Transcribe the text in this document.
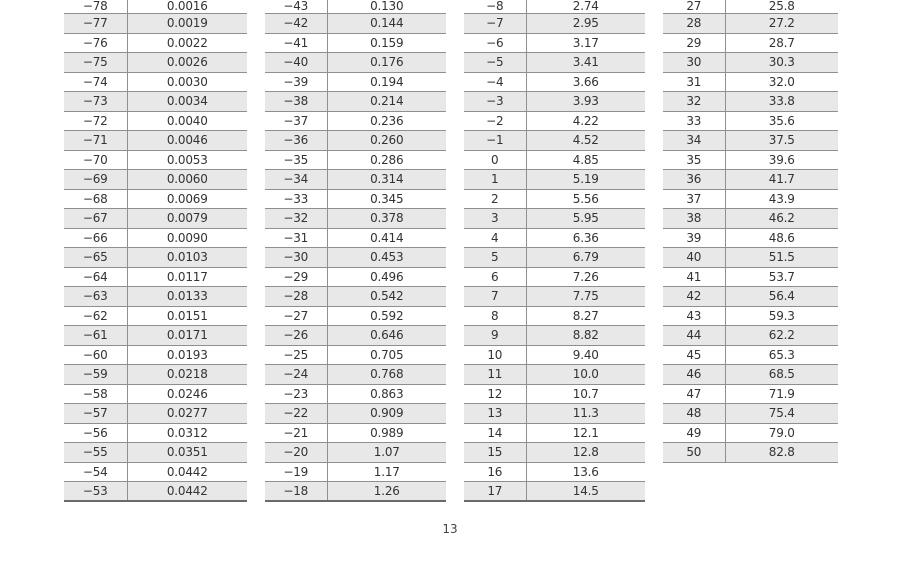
−78	0.0016
−77	0.0019
−76	0.0022
−75	0.0026
−74	0.0030
−73	0.0034
−72	0.0040
−71	0.0046
−70	0.0053
−69	0.0060
−68	0.0069
−67	0.0079
−66	0.0090
−65	0.0103
−64	0.0117
−63	0.0133
−62	0.0151
−61	0.0171
−60	0.0193
−59	0.0218
−58	0.0246
−57	0.0277
−56	0.0312
−55	0.0351
−54	0.0442
−53	0.0442
−43	0.130
−42	0.144
−41	0.159
−40	0.176
−39	0.194
−38	0.214
−37	0.236
−36	0.260
−35	0.286
−34	0.314
−33	0.345
−32	0.378
−31	0.414
−30	0.453
−29	0.496
−28	0.542
−27	0.592
−26	0.646
−25	0.705
−24	0.768
−23	0.863
−22	0.909
−21	0.989
−20	1.07
−19	1.17
−18	1.26
−8	2.74
−7	2.95
−6	3.17
−5	3.41
−4	3.66
−3	3.93
−2	4.22
−1	4.52
0	4.85
1	5.19
2	5.56
3	5.95
4	6.36
5	6.79
6	7.26
7	7.75
8	8.27
9	8.82
10	9.40
11	10.0
12	10.7
13	11.3
14	12.1
15	12.8
16	13.6
17	14.5
27	25.8
28	27.2
29	28.7
30	30.3
31	32.0
32	33.8
33	35.6
34	37.5
35	39.6
36	41.7
37	43.9
38	46.2
39	48.6
40	51.5
41	53.7
42	56.4
43	59.3
44	62.2
45	65.3
46	68.5
47	71.9
48	75.4
49	79.0
50	82.8
13
